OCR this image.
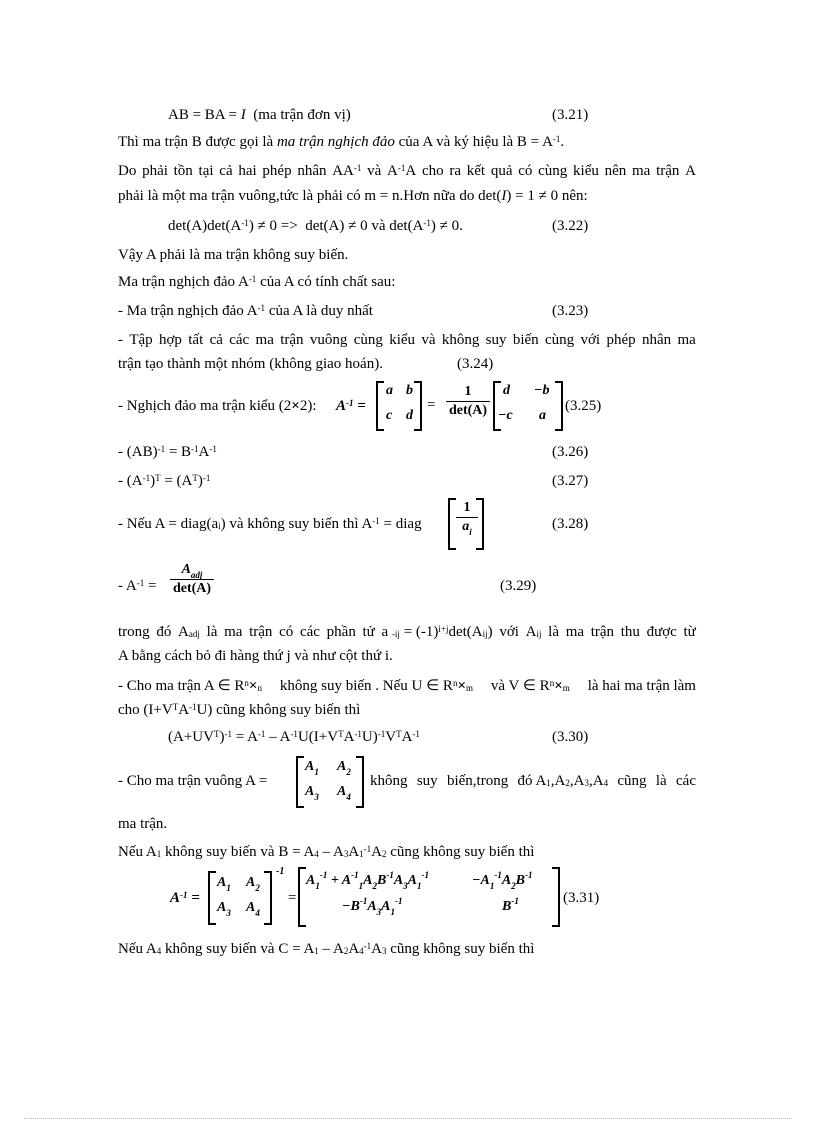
AB = BA = I  (ma trận đơn vị)	(3.21)
Thì ma trận B được gọi là ma trận nghịch đảo của A và ký hiệu là $B = A^{-1}$.
Do phải tồn tại cả hai phép nhân $AA^{-1}$ và $A^{-1}A$ cho ra kết quả có cùng kiểu nên ma trận A
phải là một ma trận vuông,tức là phải có m = n.Hơn nữa do det(I) = 1 ≠ 0 nên:
$\det(A)\det(A^{-1}) \ne 0 => \det(A) \ne 0$ và $\det(A^{-1}) \ne 0$.	(3.22)
Vậy A phải là ma trận không suy biến.
Ma trận nghịch đảo $A^{-1}$ của A có tính chất sau:
- Ma trận nghịch đảo $A^{-1}$ của A là duy nhất	(3.23)
- Tập hợp tất cả các ma trận vuông cùng kiểu và không suy biến cùng với phép nhân ma
trận tạo thành một nhóm (không giao hoán).	(3.24)
- Nghịch đảo ma trận kiểu (2×2): $A^{-1}$ =
a b
c d
=
1
det(A)
d −b
−c a
(3.25)
- $(AB)^{-1} = B^{-1}A^{-1}$	(3.26)
- $(A^{-1})^T = (A^T)^{-1}$	(3.27)
- Nếu $A = diag(a_i)$ và không suy biến thì $A^{-1}$ = diag
1
$a_i$	(3.28)
- $A^{-1}$ =
$A_{adj}$
det(A)	(3.29)
trong đó $A_{adj}$ là ma trận có các phần tử a $_{-ij} = (-1)^{i+j}\det(A_{ij})$ với $A_{ij}$ là ma trận thu được từ
A bằng cách bỏ đi hàng thứ j và như cột thứ i.
- Cho ma trận A ∈ $R^n\times_n$ không suy biến . Nếu U ∈ $R^n\times_m$ và V ∈ $R^n\times_m$ là hai ma trận làm
cho $(I+V^TA^{-1}U)$ cũng không suy biến thì
$(A+UV^T)^{-1} = A^{-1} - A^{-1}U(I+V^TA^{-1}U)^{-1}V^TA^{-1}$	(3.30)
- Cho ma trận vuông A =
$A_1$ $A_2$
$A_3$ $A_4$
không suy biến,trong đó $A_1,A_2,A_3,A_4$ cũng là các
ma trận.
Nếu $A_1$ không suy biến và $B = A_4 - A_3A_1^{-1}A_2$ cũng không suy biến thì
$A^{-1}$ =
$A_1$ $A_2$
$A_3$ $A_4$
-1
=
$A_1^{-1} + A^{-1}_1A_2B^{-1}A_3A_1^{-1}$	$-A_1^{-1}A_2B^{-1}$
$-B^{-1}A_3A_1^{-1}$	$B^{-1}$	(3.31)
Nếu $A_4$ không suy biến và $C = A_1 - A_2A_4^{-1}A_3$ cũng không suy biến thì
